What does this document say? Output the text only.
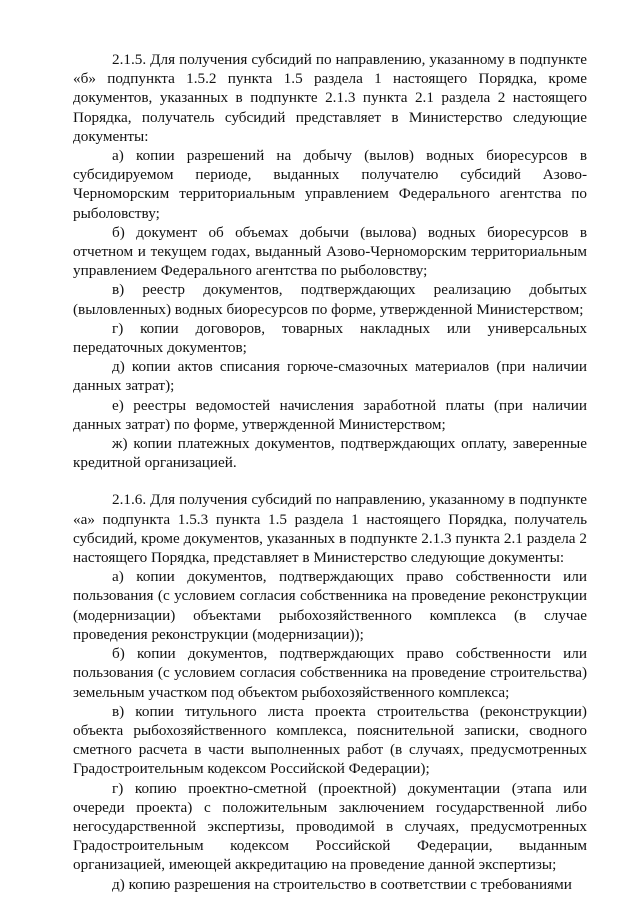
2.1.5. Для получения субсидий по направлению, указанному в подпункте «б» подпункта 1.5.2 пункта 1.5 раздела 1 настоящего Порядка, кроме документов, указанных в подпункте 2.1.3 пункта 2.1 раздела 2 настоящего Порядка, получатель субсидий представляет в Министерство следующие документы:

а) копии разрешений на добычу (вылов) водных биоресурсов в субсидируемом периоде, выданных получателю субсидий Азово-Черноморским территориальным управлением Федерального агентства по рыболовству;

б) документ об объемах добычи (вылова) водных биоресурсов в отчетном и текущем годах, выданный Азово-Черноморским территориальным управлением Федерального агентства по рыболовству;

в) реестр документов, подтверждающих реализацию добытых (выловленных) водных биоресурсов по форме, утвержденной Министерством;

г) копии договоров, товарных накладных или универсальных передаточных документов;

д) копии актов списания горюче-смазочных материалов (при наличии данных затрат);

е) реестры ведомостей начисления заработной платы (при наличии данных затрат) по форме, утвержденной Министерством;

ж) копии платежных документов, подтверждающих оплату, заверенные кредитной организацией.

2.1.6. Для получения субсидий по направлению, указанному в подпункте «а» подпункта 1.5.3 пункта 1.5 раздела 1 настоящего Порядка, получатель субсидий, кроме документов, указанных в подпункте 2.1.3 пункта 2.1 раздела 2 настоящего Порядка, представляет в Министерство следующие документы:

а) копии документов, подтверждающих право собственности или пользования (с условием согласия собственника на проведение реконструкции (модернизации) объектами рыбохозяйственного комплекса (в случае проведения реконструкции (модернизации));

б) копии документов, подтверждающих право собственности или пользования (с условием согласия собственника на проведение строительства) земельным участком под объектом рыбохозяйственного комплекса;

в) копии титульного листа проекта строительства (реконструкции) объекта рыбохозяйственного комплекса, пояснительной записки, сводного сметного расчета в части выполненных работ (в случаях, предусмотренных Градостроительным кодексом Российской Федерации);

г) копию проектно-сметной (проектной) документации (этапа или очереди проекта) с положительным заключением государственной либо негосударственной экспертизы, проводимой в случаях, предусмотренных Градостроительным кодексом Российской Федерации, выданным организацией, имеющей аккредитацию на проведение данной экспертизы;

д) копию разрешения на строительство в соответствии с требованиями
